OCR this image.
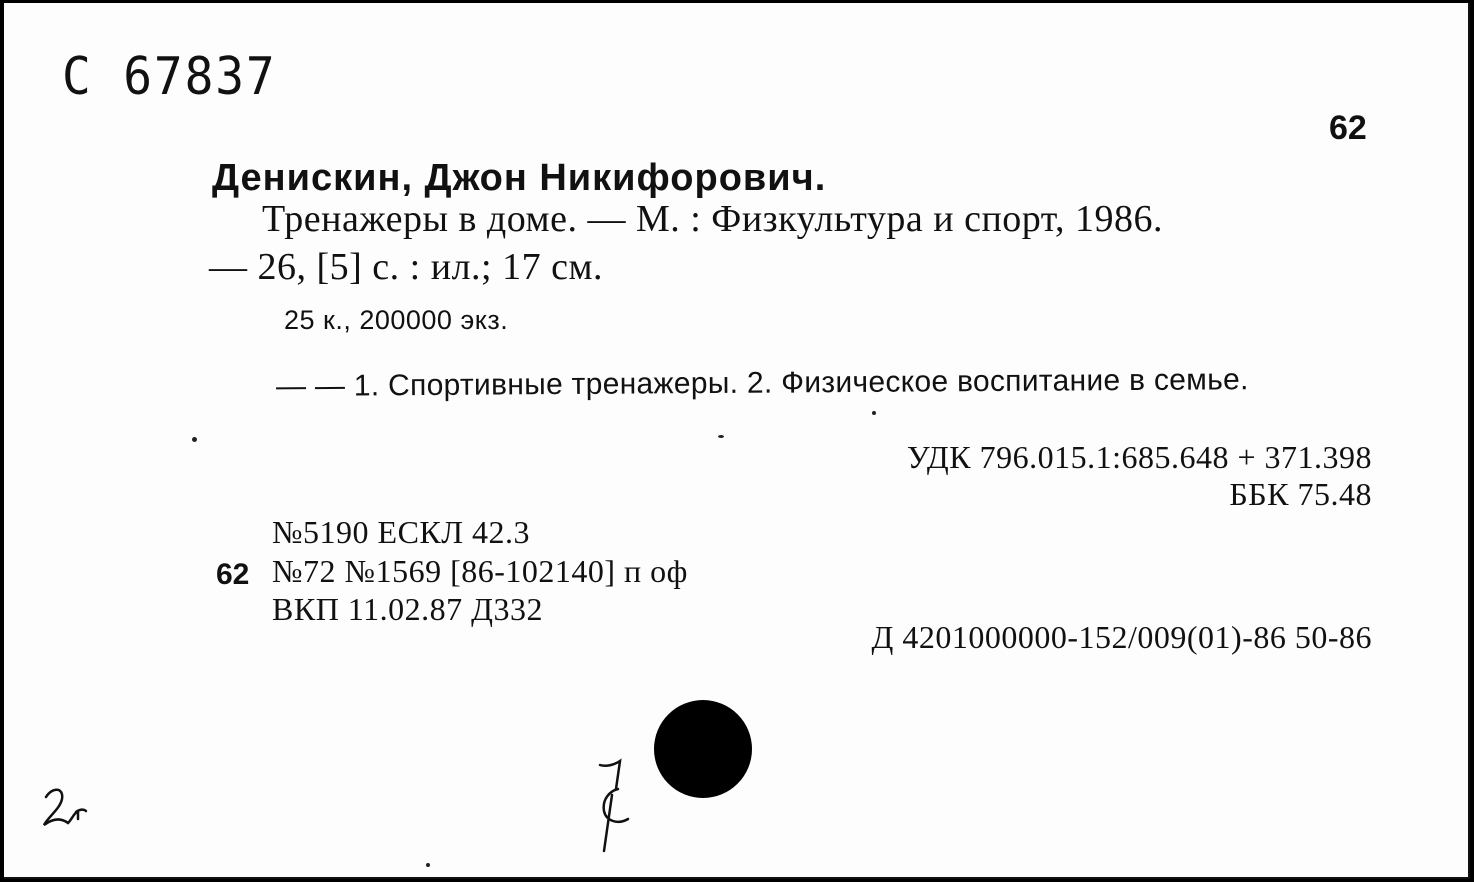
С 67837
62
Денискин, Джон Никифорович.
Тренажеры в доме. — М. : Физкультура и спорт, 1986.
— 26, [5] с. : ил.; 17 см.
25 к., 200000 экз.
— — 1. Спортивные тренажеры. 2. Физическое воспитание в семье.
УДК 796.015.1:685.648 + 371.398
ББК 75.48
№5190 ЕСКЛ 42.3
62 №72 №1569 [86-102140] п оф
ВКП 11.02.87 Д332
Д 4201000000-152/009(01)-86 50-86
